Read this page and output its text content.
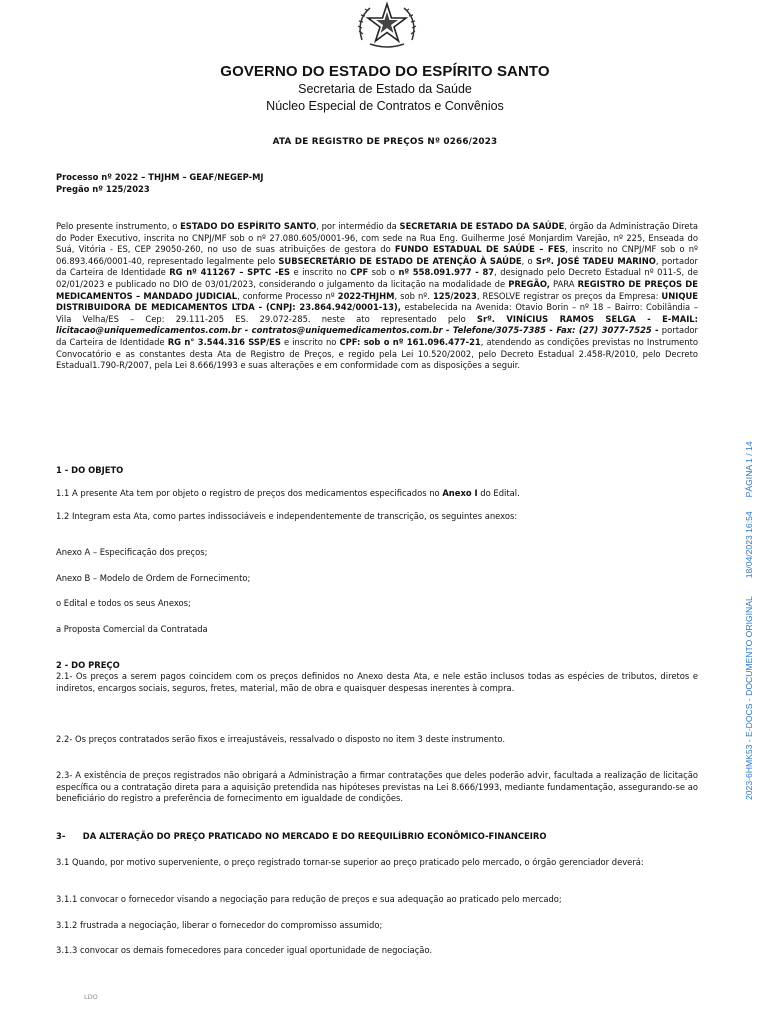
GOVERNO DO ESTADO DO ESPÍRITO SANTO
Secretaria de Estado da Saúde
Núcleo Especial de Contratos e Convênios
ATA DE REGISTRO DE PREÇOS Nº 0266/2023
Processo nº 2022 – THJHM – GEAF/NEGEP-MJ
Pregão nº 125/2023
Pelo presente instrumento, o ESTADO DO ESPÍRITO SANTO, por intermédio da SECRETARIA DE ESTADO DA SAÚDE, órgão da Administração Direta do Poder Executivo, inscrita no CNPJ/MF sob o nº 27.080.605/0001-96, com sede na Rua Eng. Guilherme José Monjardim Varejão, nº 225, Enseada do Suá, Vitória - ES, CEP 29050-260, no uso de suas atribuições de gestora do FUNDO ESTADUAL DE SAÚDE – FES, inscrito no CNPJ/MF sob o nº 06.893.466/0001-40, representado legalmente pelo SUBSECRETÁRIO DE ESTADO DE ATENÇÃO À SAÚDE, o Srº. JOSÉ TADEU MARINO, portador da Carteira de Identidade RG nº 411267 – SPTC -ES e inscrito no CPF sob o nº 558.091.977 - 87, designado pelo Decreto Estadual nº 011-S, de 02/01/2023 e publicado no DIO de 03/01/2023, considerando o julgamento da licitação na modalidade de PREGÃO, PARA REGISTRO DE PREÇOS DE MEDICAMENTOS – MANDADO JUDICIAL, conforme Processo nº 2022-THJHM, sob nº. 125/2023, RESOLVE registrar os preços da Empresa: UNIQUE DISTRIBUIDORA DE MEDICAMENTOS LTDA - (CNPJ: 23.864.942/0001-13), estabelecida na Avenida: Otavio Borin – nº 18 – Bairro: Cobilândia – Vila Velha/ES – Cep: 29.111-205 ES. 29.072-285. neste ato representado pelo Srº. VINÍCIUS RAMOS SELGA - E-MAIL: licitacao@uniquemedicamentos.com.br - contratos@uniquemedicamentos.com.br - Telefone/3075-7385 - Fax: (27) 3077-7525 - portador da Carteira de Identidade RG n° 3.544.316 SSP/ES e inscrito no CPF: sob o nº 161.096.477-21, atendendo as condições previstas no Instrumento Convocatório e as constantes desta Ata de Registro de Preços, e regido pela Lei 10.520/2002, pelo Decreto Estadual 2.458-R/2010, pelo Decreto Estadual1.790-R/2007, pela Lei 8.666/1993 e suas alterações e em conformidade com as disposições a seguir.
1 - DO OBJETO
1.1 A presente Ata tem por objeto o registro de preços dos medicamentos especificados no Anexo I do Edital.
1.2 Integram esta Ata, como partes indissociáveis e independentemente de transcrição, os seguintes anexos:
Anexo A – Especificação dos preços;
Anexo B – Modelo de Ordem de Fornecimento;
o Edital e todos os seus Anexos;
a Proposta Comercial da Contratada
2 - DO PREÇO
2.1- Os preços a serem pagos coincidem com os preços definidos no Anexo desta Ata, e nele estão inclusos todas as espécies de tributos, diretos e indiretos, encargos sociais, seguros, fretes, material, mão de obra e quaisquer despesas inerentes à compra.
2.2- Os preços contratados serão fixos e irreajustáveis, ressalvado o disposto no item 3 deste instrumento.
2.3- A existência de preços registrados não obrigará a Administração a firmar contratações que deles poderão advir, facultada a realização de licitação específica ou a contratação direta para a aquisição pretendida nas hipóteses previstas na Lei 8.666/1993, mediante fundamentação, assegurando-se ao beneficiário do registro a preferência de fornecimento em igualdade de condições.
3-      DA ALTERAÇÃO DO PREÇO PRATICADO NO MERCADO E DO REEQUILÍBRIO ECONÔMICO-FINANCEIRO
3.1 Quando, por motivo superveniente, o preço registrado tornar-se superior ao preço praticado pelo mercado, o órgão gerenciador deverá:
3.1.1 convocar o fornecedor visando a negociação para redução de preços e sua adequação ao praticado pelo mercado;
3.1.2 frustrada a negociação, liberar o fornecedor do compromisso assumido;
3.1.3 convocar os demais fornecedores para conceder igual oportunidade de negociação.
2023-6HMK53 - E-DOCS - DOCUMENTO ORIGINAL18/04/2023 16:54PÁGINA 1 / 14
LDO
